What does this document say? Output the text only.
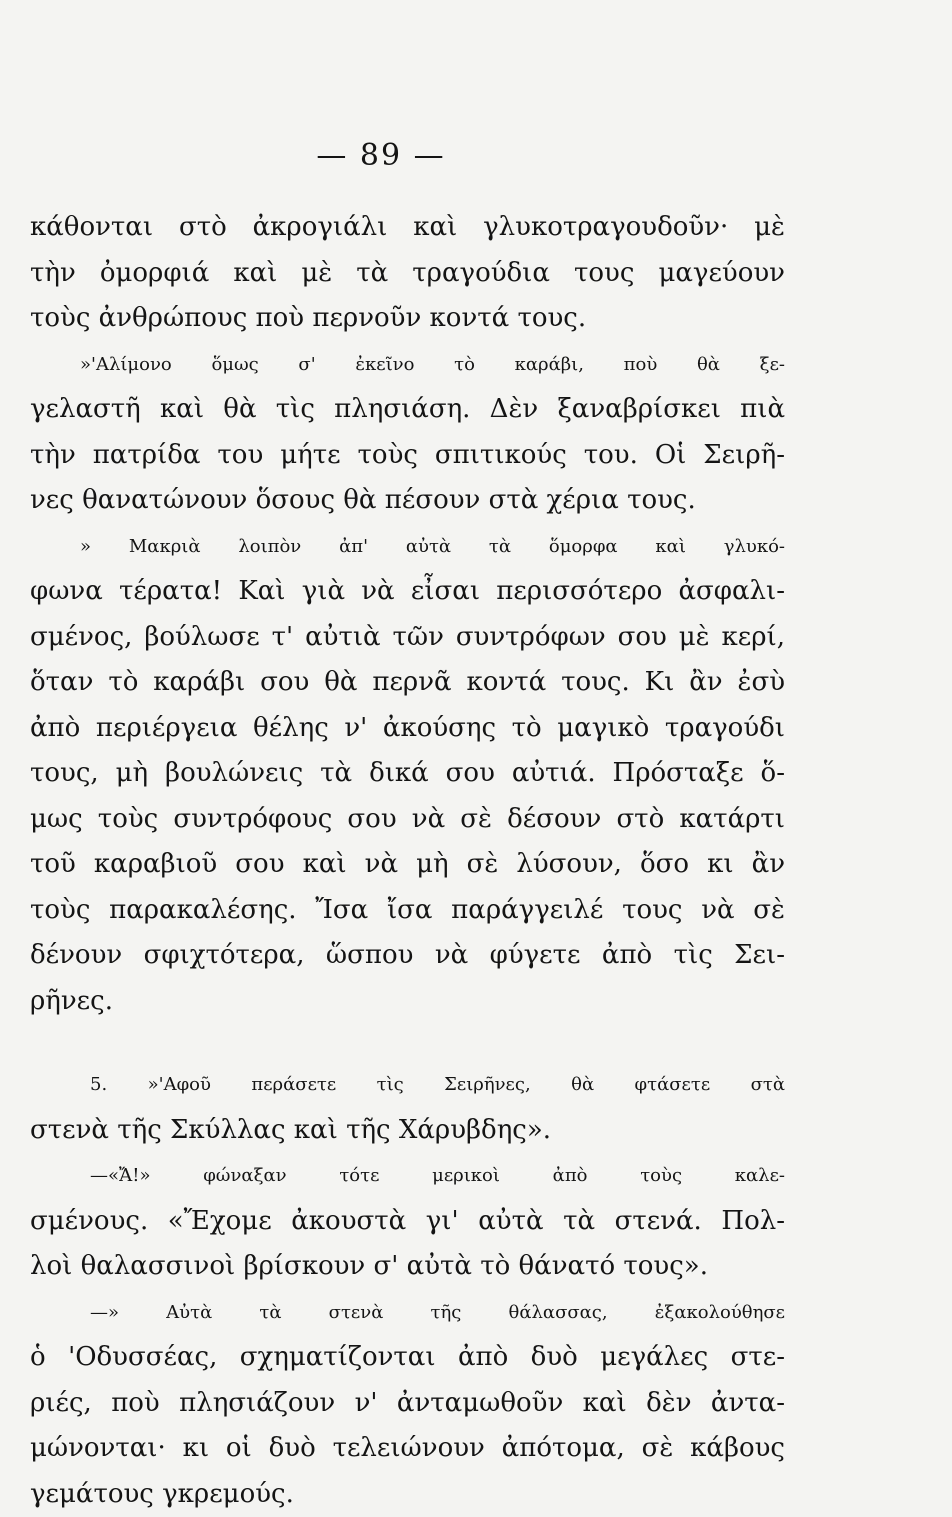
— 89 —
κάθονται στὸ ἀκρογιάλι καὶ γλυκοτραγουδοῦν· μὲ
τὴν ὀμορφιά καὶ μὲ τὰ τραγούδια τους μαγεύουν
τοὺς ἀνθρώπους ποὺ περνοῦν κοντά τους.
»'Αλίμονο ὅμως σ' ἐκεῖνο τὸ καράβι, ποὺ θὰ ξε-
γελαστῆ καὶ θὰ τὶς πλησιάση. Δὲν ξαναβρίσκει πιὰ
τὴν πατρίδα του μήτε τοὺς σπιτικούς του. Οἱ Σειρῆ-
νες θανατώνουν ὅσους θὰ πέσουν στὰ χέρια τους.
» Μακριὰ λοιπὸν ἀπ' αὐτὰ τὰ ὅμορφα καὶ γλυκό-
φωνα τέρατα! Καὶ γιὰ νὰ εἶσαι περισσότερο ἀσφαλι-
σμένος, βούλωσε τ' αὐτιὰ τῶν συντρόφων σου μὲ κερί,
ὅταν τὸ καράβι σου θὰ περνᾶ κοντά τους. Κι ἂν ἐσὺ
ἀπὸ περιέργεια θέλης ν' ἀκούσης τὸ μαγικὸ τραγούδι
τους, μὴ βουλώνεις τὰ δικά σου αὐτιά. Πρόσταξε ὅ-
μως τοὺς συντρόφους σου νὰ σὲ δέσουν στὸ κατάρτι
τοῦ καραβιοῦ σου καὶ νὰ μὴ σὲ λύσουν, ὅσο κι ἂν
τοὺς παρακαλέσης. Ἴσα ἴσα παράγγειλέ τους νὰ σὲ
δένουν σφιχτότερα, ὥσπου νὰ φύγετε ἀπὸ τὶς Σει-
ρῆνες.
5. »'Αφοῦ περάσετε τὶς Σειρῆνες, θὰ φτάσετε στὰ
στενὰ τῆς Σκύλλας καὶ τῆς Χάρυβδης».
—«Ἄ!» φώναξαν τότε μερικοὶ ἀπὸ τοὺς καλε-
σμένους. «Ἔχομε ἀκουστὰ γι' αὐτὰ τὰ στενά. Πολ-
λοὶ θαλασσινοὶ βρίσκουν σ' αὐτὰ τὸ θάνατό τους».
—» Αὐτὰ τὰ στενὰ τῆς θάλασσας, ἐξακολούθησε
ὁ 'Οδυσσέας, σχηματίζονται ἀπὸ δυὸ μεγάλες στε-
ριές, ποὺ πλησιάζουν ν' ἀνταμωθοῦν καὶ δὲν ἀντα-
μώνονται· κι οἱ δυὸ τελειώνουν ἀπότομα, σὲ κάβους
γεμάτους γκρεμούς.
